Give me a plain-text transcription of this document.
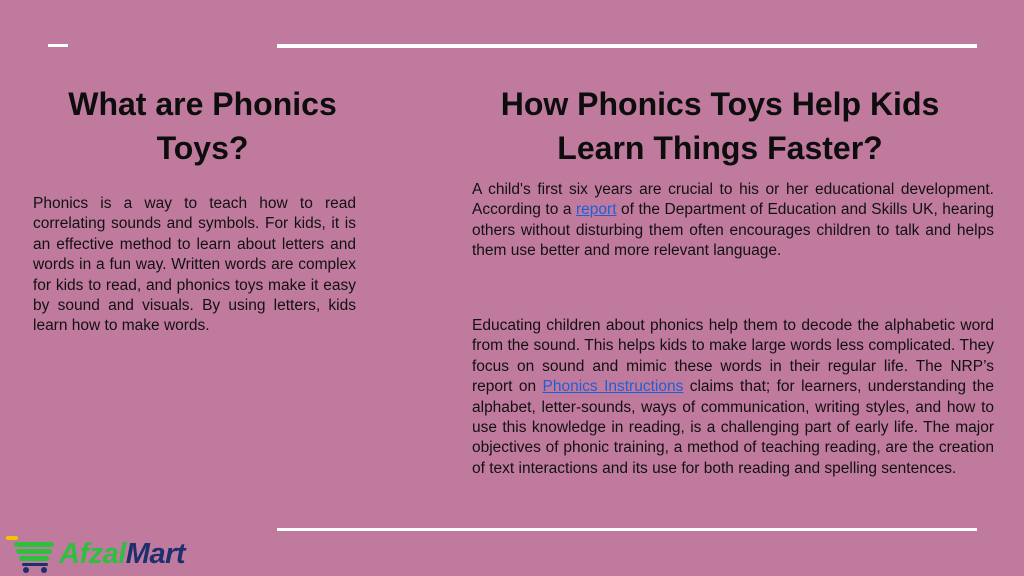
What are Phonics Toys?

Phonics is a way to teach how to read correlating sounds and symbols. For kids, it is an effective method to learn about letters and words in a fun way. Written words are complex for kids to read, and phonics toys make it easy by sound and visuals. By using letters, kids learn how to make words.

How Phonics Toys Help Kids Learn Things Faster?

A child's first six years are crucial to his or her educational development. According to a report of the Department of Education and Skills UK, hearing others without disturbing them often encourages children to talk and helps them use better and more relevant language.

Educating children about phonics help them to decode the alphabetic word from the sound. This helps kids to make large words less complicated. They focus on sound and mimic these words in their regular life. The NRP’s report on Phonics Instructions claims that; for learners, understanding the alphabet, letter-sounds, ways of communication, writing styles, and how to use this knowledge in reading, is a challenging part of early life. The major objectives of phonic training, a method of teaching reading, are the creation of text interactions and its use for both reading and spelling sentences.

AfzalMart
